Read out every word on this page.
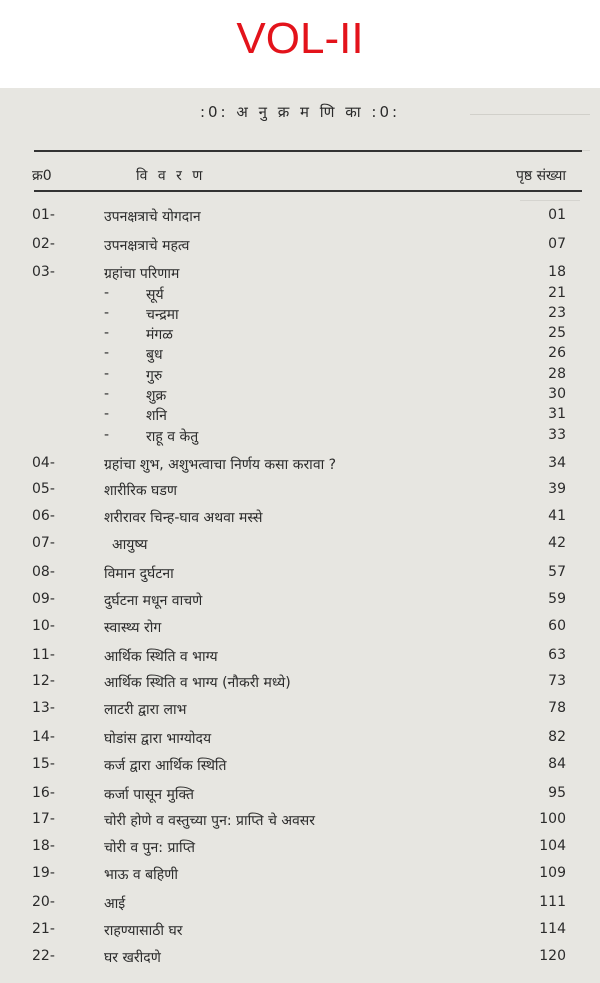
VOL-II
:0: अ नु क्र म णि का :0:
क्र0	वि व र ण	पृष्ठ संख्या
01-	उपनक्षत्राचे योगदान	01
02-	उपनक्षत्राचे महत्व	07
03-	ग्रहांचा परिणाम	18
-	सूर्य	21
-	चन्द्रमा	23
-	मंगळ	25
-	बुध	26
-	गुरु	28
-	शुक्र	30
-	शनि	31
-	राहू व केतु	33
04-	ग्रहांचा शुभ, अशुभत्वाचा निर्णय कसा करावा ?	34
05-	शारीरिक घडण	39
06-	शरीरावर चिन्ह-घाव अथवा मस्से	41
07-	आयुष्य	42
08-	विमान दुर्घटना	57
09-	दुर्घटना मधून वाचणे	59
10-	स्वास्थ्य रोग	60
11-	आर्थिक स्थिति व भाग्य	63
12-	आर्थिक स्थिति व भाग्य (नौकरी मध्ये)	73
13-	लाटरी द्वारा लाभ	78
14-	घोडांस द्वारा भाग्योदय	82
15-	कर्ज द्वारा आर्थिक स्थिति	84
16-	कर्जा पासून मुक्ति	95
17-	चोरी होणे व वस्तुच्या पुन: प्राप्ति चे अवसर	100
18-	चोरी व पुन: प्राप्ति	104
19-	भाऊ व बहिणी	109
20-	आई	111
21-	राहण्यासाठी घर	114
22-	घर खरीदणे	120
